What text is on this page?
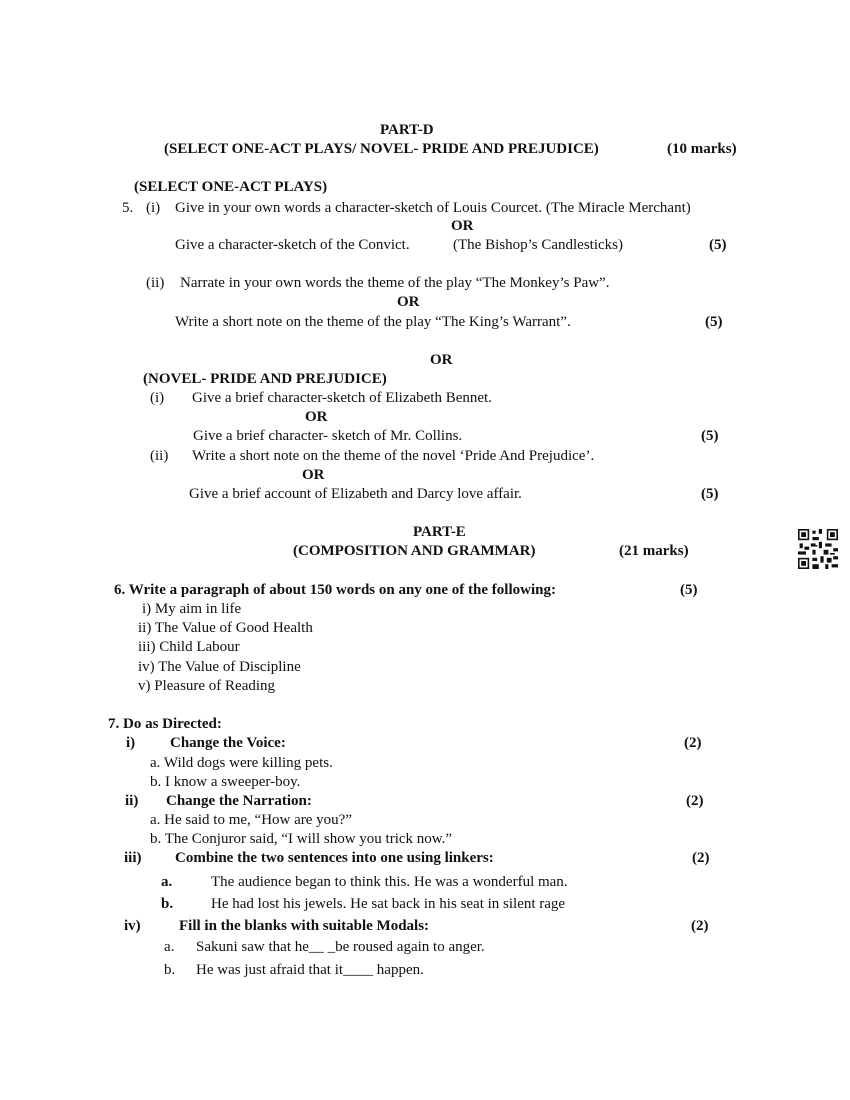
PART-D
(SELECT ONE-ACT PLAYS/ NOVEL- PRIDE AND PREJUDICE)	(10 marks)
(SELECT ONE-ACT PLAYS)
5. (i) Give in your own words a character-sketch of Louis Courcet. (The Miracle Merchant)
OR
Give a character-sketch of the Convict.	(The Bishop’s Candlesticks)	(5)
(ii) Narrate in your own words the theme of the play “The Monkey’s Paw”.
OR
Write a short note on the theme of the play “The King’s Warrant”.	(5)
OR
(NOVEL- PRIDE AND PREJUDICE)
(i) Give a brief character-sketch of Elizabeth Bennet.
OR
Give a brief character- sketch of Mr. Collins.	(5)
(ii) Write a short note on the theme of the novel ‘Pride And Prejudice’.
OR
Give a brief account of Elizabeth and Darcy love affair.	(5)
PART-E
(COMPOSITION AND GRAMMAR)	(21 marks)
6. Write a paragraph of about 150 words on any one of the following:	(5)
i) My aim in life
ii) The Value of Good Health
iii) Child Labour
iv) The Value of Discipline
v) Pleasure of Reading
7. Do as Directed:
i) Change the Voice:	(2)
a. Wild dogs were killing pets.
b. I know a sweeper-boy.
ii) Change the Narration:	(2)
a. He said to me, “How are you?”
b. The Conjuror said, “I will show you trick now.”
iii) Combine the two sentences into one using linkers:	(2)
a.	The audience began to think this. He was a wonderful man.
b.	He had lost his jewels. He sat back in his seat in silent rage
iv)	Fill in the blanks with suitable Modals:	(2)
a. Sakuni saw that he__ _be roused again to anger.
b. He was just afraid that it____ happen.
